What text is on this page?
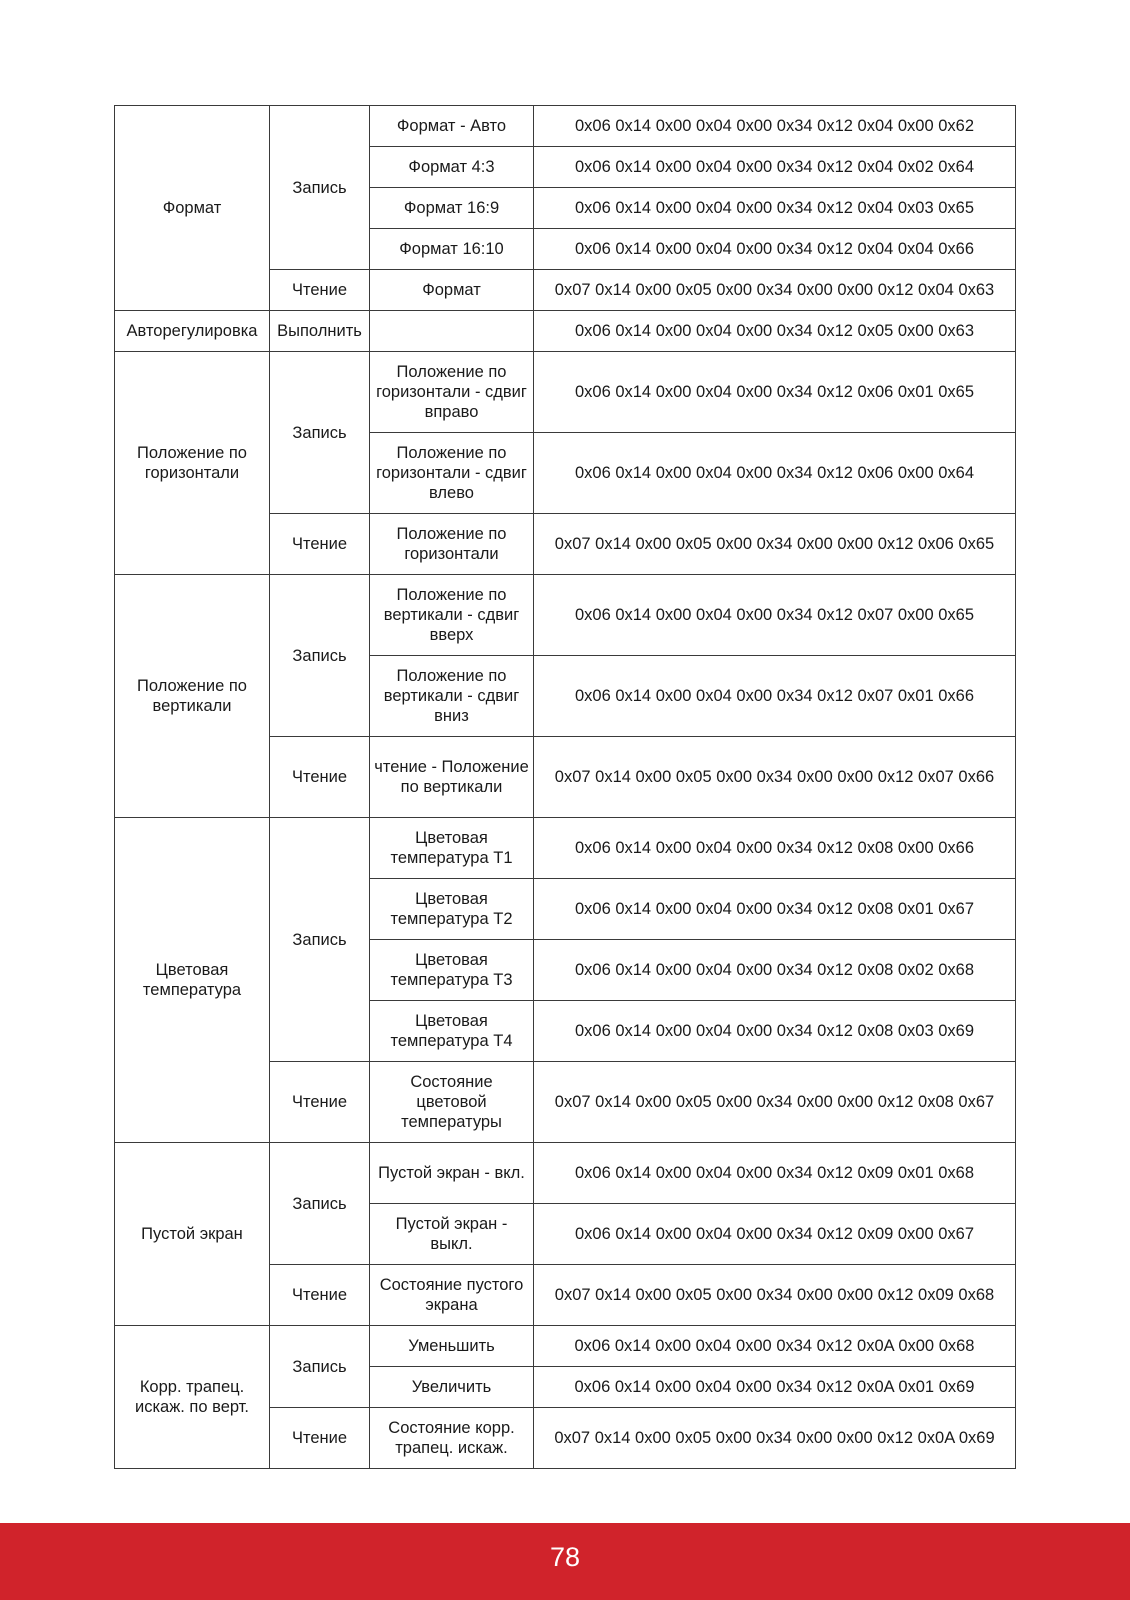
Формат	Запись	Формат - Авто	0x06 0x14 0x00 0x04 0x00 0x34 0x12 0x04 0x00 0x62
		Формат 4:3	0x06 0x14 0x00 0x04 0x00 0x34 0x12 0x04 0x02 0x64
		Формат 16:9	0x06 0x14 0x00 0x04 0x00 0x34 0x12 0x04 0x03 0x65
		Формат 16:10	0x06 0x14 0x00 0x04 0x00 0x34 0x12 0x04 0x04 0x66
	Чтение	Формат	0x07 0x14 0x00 0x05 0x00 0x34 0x00 0x00 0x12 0x04 0x63
Авторегулировка	Выполнить		0x06 0x14 0x00 0x04 0x00 0x34 0x12 0x05 0x00 0x63
Положение по горизонтали	Запись	Положение по горизонтали - сдвиг вправо	0x06 0x14 0x00 0x04 0x00 0x34 0x12 0x06 0x01 0x65
		Положение по горизонтали - сдвиг влево	0x06 0x14 0x00 0x04 0x00 0x34 0x12 0x06 0x00 0x64
	Чтение	Положение по горизонтали	0x07 0x14 0x00 0x05 0x00 0x34 0x00 0x00 0x12 0x06 0x65
Положение по вертикали	Запись	Положение по вертикали - сдвиг вверх	0x06 0x14 0x00 0x04 0x00 0x34 0x12 0x07 0x00 0x65
		Положение по вертикали - сдвиг вниз	0x06 0x14 0x00 0x04 0x00 0x34 0x12 0x07 0x01 0x66
	Чтение	чтение - Положение по вертикали	0x07 0x14 0x00 0x05 0x00 0x34 0x00 0x00 0x12 0x07 0x66
Цветовая температура	Запись	Цветовая температура T1	0x06 0x14 0x00 0x04 0x00 0x34 0x12 0x08 0x00 0x66
		Цветовая температура T2	0x06 0x14 0x00 0x04 0x00 0x34 0x12 0x08 0x01 0x67
		Цветовая температура T3	0x06 0x14 0x00 0x04 0x00 0x34 0x12 0x08 0x02 0x68
		Цветовая температура T4	0x06 0x14 0x00 0x04 0x00 0x34 0x12 0x08 0x03 0x69
	Чтение	Состояние цветовой температуры	0x07 0x14 0x00 0x05 0x00 0x34 0x00 0x00 0x12 0x08 0x67
Пустой экран	Запись	Пустой экран - вкл.	0x06 0x14 0x00 0x04 0x00 0x34 0x12 0x09 0x01 0x68
		Пустой экран - выкл.	0x06 0x14 0x00 0x04 0x00 0x34 0x12 0x09 0x00 0x67
	Чтение	Состояние пустого экрана	0x07 0x14 0x00 0x05 0x00 0x34 0x00 0x00 0x12 0x09 0x68
Корр. трапец. искаж. по верт.	Запись	Уменьшить	0x06 0x14 0x00 0x04 0x00 0x34 0x12 0x0A 0x00 0x68
		Увеличить	0x06 0x14 0x00 0x04 0x00 0x34 0x12 0x0A 0x01 0x69
	Чтение	Состояние корр. трапец. искаж.	0x07 0x14 0x00 0x05 0x00 0x34 0x00 0x00 0x12 0x0A 0x69
78
